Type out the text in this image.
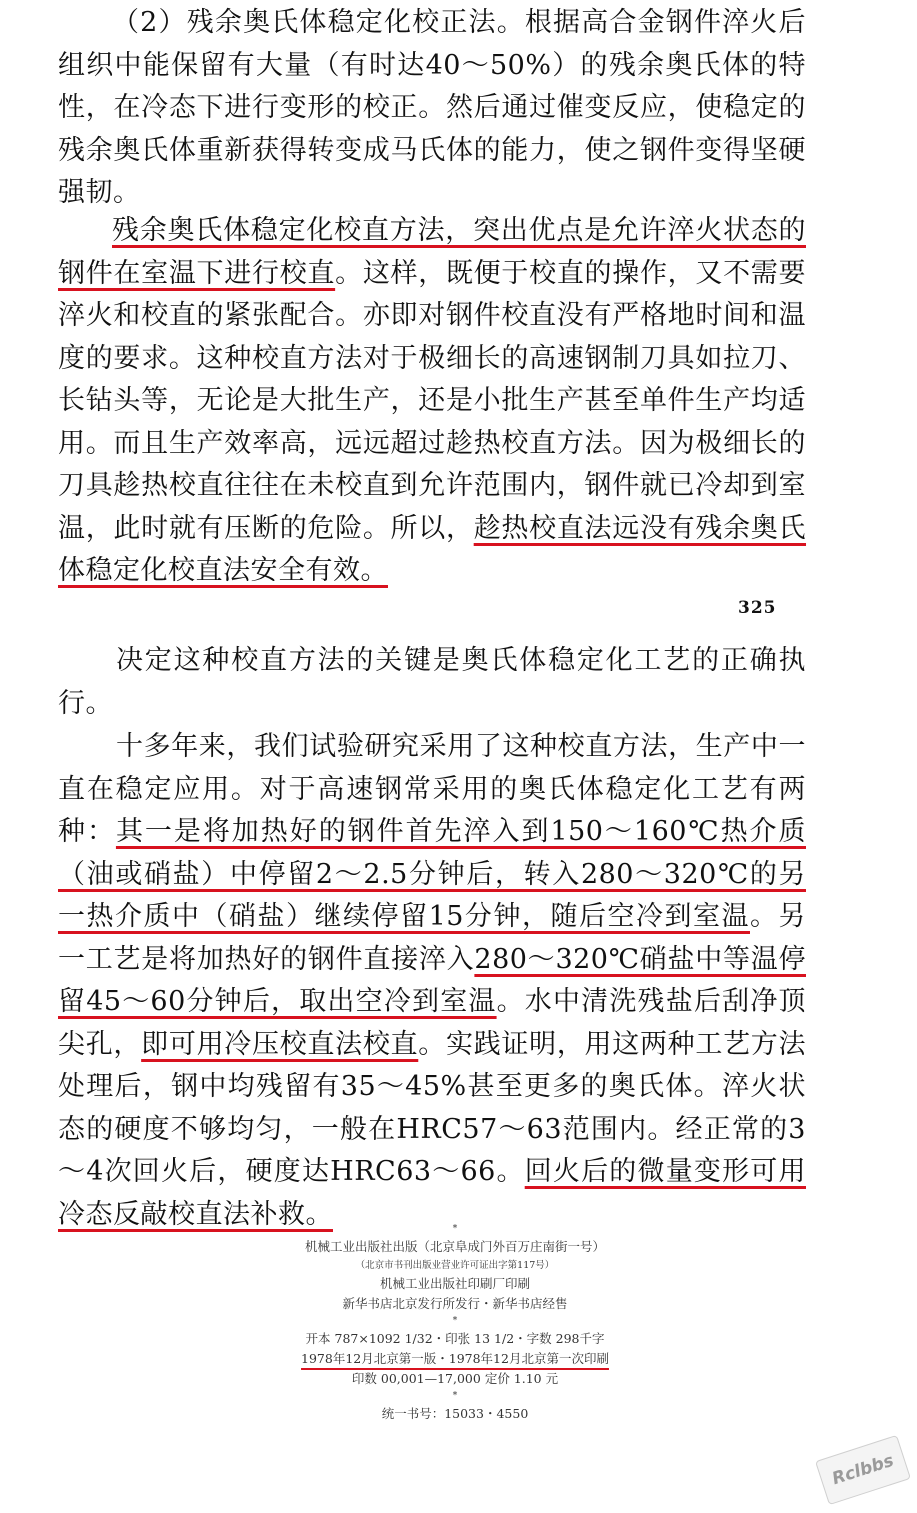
（2）残余奥氏体稳定化校正法。根据高合金钢件淬火后组织中能保留有大量（有时达40～50%）的残余奥氏体的特性，在冷态下进行变形的校正。然后通过催变反应，使稳定的残余奥氏体重新获得转变成马氏体的能力，使之钢件变得坚硬强韧。

残余奥氏体稳定化校直方法，突出优点是允许淬火状态的钢件在室温下进行校直。这样，既便于校直的操作，又不需要淬火和校直的紧张配合。亦即对钢件校直没有严格地时间和温度的要求。这种校直方法对于极细长的高速钢制刀具如拉刀、长钻头等，无论是大批生产，还是小批生产甚至单件生产均适用。而且生产效率高，远远超过趁热校直方法。因为极细长的刀具趁热校直往往在未校直到允许范围内，钢件就已冷却到室温，此时就有压断的危险。所以，趁热校直法远没有残余奥氏体稳定化校直法安全有效。

325

决定这种校直方法的关键是奥氏体稳定化工艺的正确执行。

十多年来，我们试验研究采用了这种校直方法，生产中一直在稳定应用。对于高速钢常采用的奥氏体稳定化工艺有两种：其一是将加热好的钢件首先淬入到150～160℃热介质（油或硝盐）中停留2～2.5分钟后，转入280～320℃的另一热介质中（硝盐）继续停留15分钟，随后空冷到室温。另一工艺是将加热好的钢件直接淬入280～320℃硝盐中等温停留45～60分钟后，取出空冷到室温。水中清洗残盐后刮净顶尖孔，即可用冷压校直法校直。实践证明，用这两种工艺方法处理后，钢中均残留有35～45%甚至更多的奥氏体。淬火状态的硬度不够均匀，一般在HRC57～63范围内。经正常的3～4次回火后，硬度达HRC63～66。回火后的微量变形可用冷态反敲校直法补救。	*
机械工业出版社出版（北京阜成门外百万庄南街一号）
（北京市书刊出版业营业许可证出字第117号）
机械工业出版社印刷厂印刷
新华书店北京发行所发行・新华书店经售
*
开本 787×1092 1/32・印张 13 1/2・字数 298千字
1978年12月北京第一版・1978年12月北京第一次印刷
印数 00,001—17,000 定价 1.10 元
*
统一书号：15033・4550
Rclbbs
